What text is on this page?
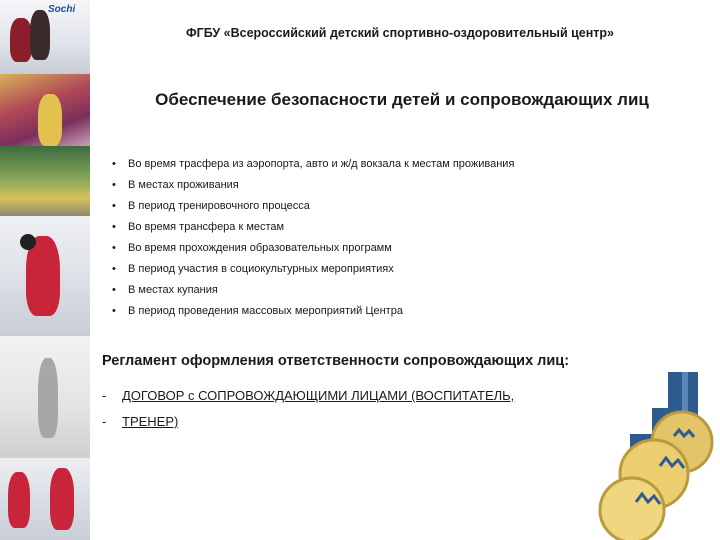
Sochi
ФГБУ «Всероссийский детский спортивно-оздоровительный центр»
Обеспечение безопасности детей и сопровождающих лиц
• Во время трасфера из аэропорта, авто и ж/д вокзала к местам проживания
• В местах проживания
• В период тренировочного процесса
• Во время трансфера к местам
• Во время прохождения образовательных программ
• В период участия в социокультурных мероприятиях
• В местах купания
• В период проведения массовых мероприятий Центра
Регламент оформления ответственности сопровождающих лиц:
- ДОГОВОР с СОПРОВОЖДАЮЩИМИ ЛИЦАМИ (ВОСПИТАТЕЛЬ,
- ТРЕНЕР)
